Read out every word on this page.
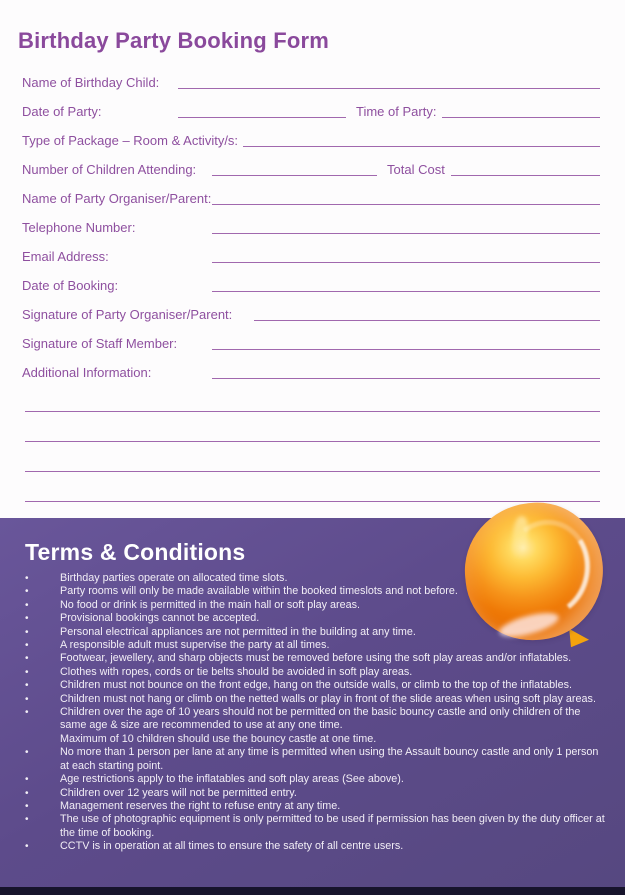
Birthday Party Booking Form
Name of Birthday Child:
Date of Party:	Time of Party:
Type of Package – Room & Activity/s:
Number of Children Attending:	Total Cost
Name of Party Organiser/Parent:
Telephone Number:
Email Address:
Date of Booking:
Signature of Party Organiser/Parent:
Signature of Staff Member:
Additional Information:
Terms & Conditions
•	Birthday parties operate on allocated time slots.
•	Party rooms will only be made available within the booked timeslots and not before.
•	No food or drink is permitted in the main hall or soft play areas.
•	Provisional bookings cannot be accepted.
•	Personal electrical appliances are not permitted in the building at any time.
•	A responsible adult must supervise the party at all times.
•	Footwear, jewellery, and sharp objects must be removed before using the soft play areas and/or inflatables.
•	Clothes with ropes, cords or tie belts should be avoided in soft play areas.
•	Children must not bounce on the front edge, hang on the outside walls, or climb to the top of the inflatables.
•	Children must not hang or climb on the netted walls or play in front of the slide areas when using soft play areas.
•	Children over the age of 10 years should not be permitted on the basic bouncy castle and only children of the same age & size are recommended to use at any one time.
Maximum of 10 children should use the bouncy castle at one time.
•	No more than 1 person per lane at any time is permitted when using the Assault bouncy castle and only 1 person at each starting point.
•	Age restrictions apply to the inflatables and soft play areas (See above).
•	Children over 12 years will not be permitted entry.
•	Management reserves the right to refuse entry at any time.
•	The use of photographic equipment is only permitted to be used if permission has been given by the duty officer at the time of booking.
•	CCTV is in operation at all times to ensure the safety of all centre users.
